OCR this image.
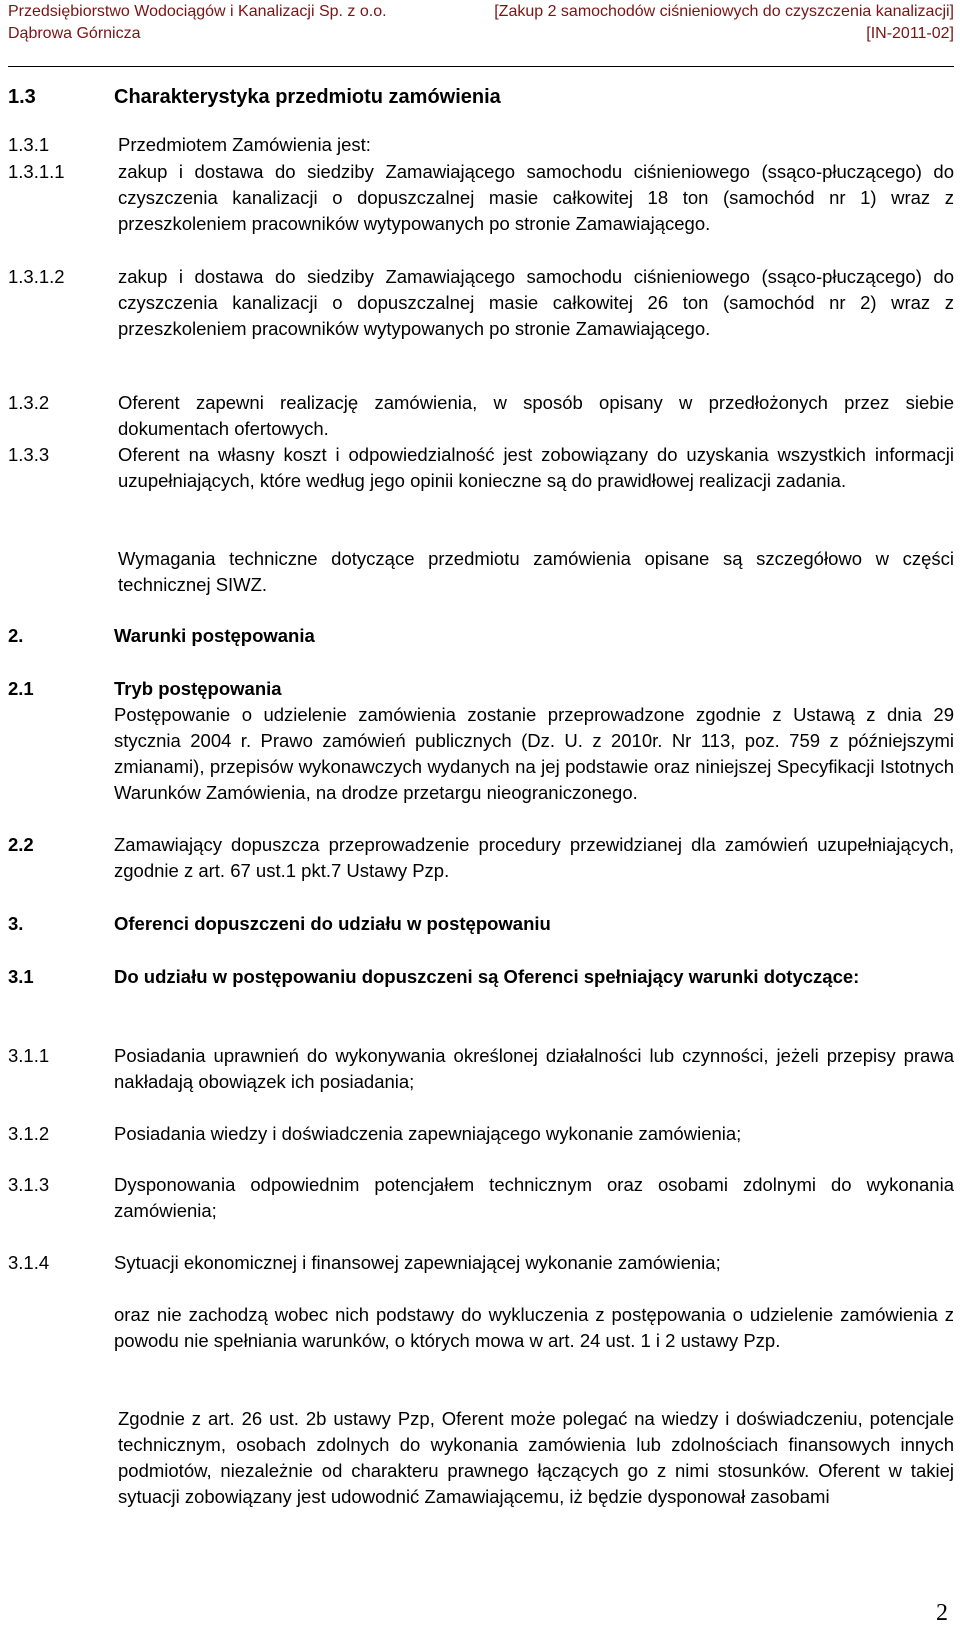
Przedsiębiorstwo Wodociągów i Kanalizacji Sp. z o.o.	[Zakup 2 samochodów ciśnieniowych do czyszczenia kanalizacji]
Dąbrowa Górnicza	[IN-2011-02]
1.3	Charakterystyka przedmiotu zamówienia
1.3.1	Przedmiotem Zamówienia jest:
1.3.1.1	zakup i dostawa do siedziby Zamawiającego samochodu ciśnieniowego (ssąco-płuczącego) do czyszczenia kanalizacji o dopuszczalnej masie całkowitej 18 ton (samochód nr 1) wraz z przeszkoleniem pracowników wytypowanych po stronie Zamawiającego.
1.3.1.2	zakup i dostawa do siedziby Zamawiającego samochodu ciśnieniowego (ssąco-płuczącego) do czyszczenia kanalizacji o dopuszczalnej masie całkowitej 26 ton (samochód nr 2) wraz z przeszkoleniem pracowników wytypowanych po stronie Zamawiającego.
1.3.2	Oferent zapewni realizację zamówienia, w sposób opisany w przedłożonych przez siebie dokumentach ofertowych.
1.3.3	Oferent na własny koszt i odpowiedzialność jest zobowiązany do uzyskania wszystkich informacji uzupełniających, które według jego opinii konieczne są do prawidłowej realizacji zadania.
Wymagania techniczne dotyczące przedmiotu zamówienia opisane są szczegółowo w części technicznej SIWZ.
2.	Warunki postępowania
2.1	Tryb postępowania
Postępowanie o udzielenie zamówienia zostanie przeprowadzone zgodnie z Ustawą z dnia 29 stycznia 2004 r. Prawo zamówień publicznych (Dz. U. z 2010r. Nr 113, poz. 759 z późniejszymi zmianami), przepisów wykonawczych wydanych na jej podstawie oraz niniejszej Specyfikacji Istotnych Warunków Zamówienia, na drodze przetargu nieograniczonego.
2.2	Zamawiający dopuszcza przeprowadzenie procedury przewidzianej dla zamówień uzupełniających, zgodnie z art. 67 ust.1 pkt.7 Ustawy Pzp.
3.	Oferenci dopuszczeni do udziału w postępowaniu
3.1	Do udziału w postępowaniu dopuszczeni są Oferenci spełniający warunki dotyczące:
3.1.1	Posiadania uprawnień do wykonywania określonej działalności lub czynności, jeżeli przepisy prawa nakładają obowiązek ich posiadania;
3.1.2	Posiadania wiedzy i doświadczenia zapewniającego wykonanie zamówienia;
3.1.3	Dysponowania odpowiednim potencjałem technicznym oraz osobami zdolnymi do wykonania zamówienia;
3.1.4	Sytuacji ekonomicznej i finansowej zapewniającej wykonanie zamówienia;
oraz nie zachodzą wobec nich podstawy do wykluczenia z postępowania o udzielenie zamówienia z powodu nie spełniania warunków, o których mowa w art. 24 ust. 1 i 2 ustawy Pzp.
Zgodnie z art. 26 ust. 2b ustawy Pzp, Oferent może polegać na wiedzy i doświadczeniu, potencjale technicznym, osobach zdolnych do wykonania zamówienia lub zdolnościach finansowych innych podmiotów, niezależnie od charakteru prawnego łączących go z nimi stosunków. Oferent w takiej sytuacji zobowiązany jest udowodnić Zamawiającemu, iż będzie dysponował zasobami
2
